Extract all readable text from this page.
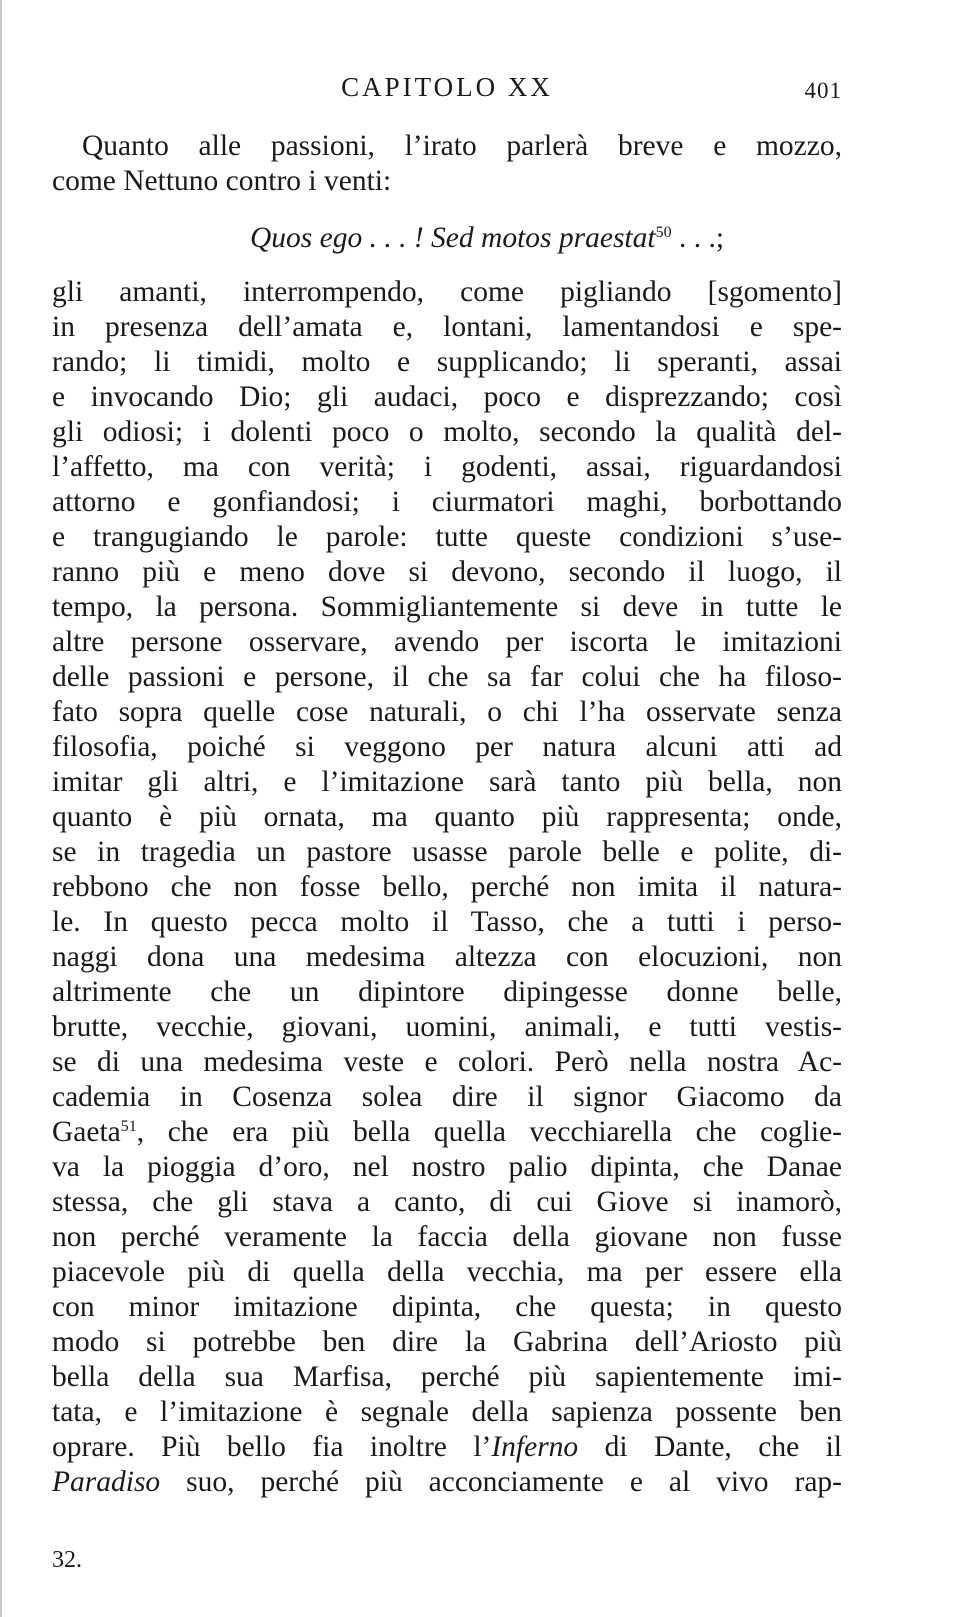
CAPITOLO XX	401
Quanto alle passioni, l’irato parlerà breve e mozzo,
come Nettuno contro i venti:
Quos ego . . . ! Sed motos praestat$^{50}$ . . .;
gli amanti, interrompendo, come pigliando [sgomento]
in presenza dell’amata e, lontani, lamentandosi e spe-
rando; li timidi, molto e supplicando; li speranti, assai
e invocando Dio; gli audaci, poco e disprezzando; così
gli odiosi; i dolenti poco o molto, secondo la qualità del-
l’affetto, ma con verità; i godenti, assai, riguardandosi
attorno e gonfiandosi; i ciurmatori maghi, borbottando
e trangugiando le parole: tutte queste condizioni s’use-
ranno più e meno dove si devono, secondo il luogo, il
tempo, la persona. Sommigliantemente si deve in tutte le
altre persone osservare, avendo per iscorta le imitazioni
delle passioni e persone, il che sa far colui che ha filoso-
fato sopra quelle cose naturali, o chi l’ha osservate senza
filosofia, poiché si veggono per natura alcuni atti ad
imitar gli altri, e l’imitazione sarà tanto più bella, non
quanto è più ornata, ma quanto più rappresenta; onde,
se in tragedia un pastore usasse parole belle e polite, di-
rebbono che non fosse bello, perché non imita il natura-
le. In questo pecca molto il Tasso, che a tutti i perso-
naggi dona una medesima altezza con elocuzioni, non
altrimente che un dipintore dipingesse donne belle,
brutte, vecchie, giovani, uomini, animali, e tutti vestis-
se di una medesima veste e colori. Però nella nostra Ac-
cademia in Cosenza solea dire il signor Giacomo da
Gaeta$^{51}$, che era più bella quella vecchiarella che coglie-
va la pioggia d’oro, nel nostro palio dipinta, che Danae
stessa, che gli stava a canto, di cui Giove si inamorò,
non perché veramente la faccia della giovane non fusse
piacevole più di quella della vecchia, ma per essere ella
con minor imitazione dipinta, che questa; in questo
modo si potrebbe ben dire la Gabrina dell’Ariosto più
bella della sua Marfisa, perché più sapientemente imi-
tata, e l’imitazione è segnale della sapienza possente ben
oprare. Più bello fia inoltre l’Inferno di Dante, che il
Paradiso suo, perché più acconciamente e al vivo rap-
32.
